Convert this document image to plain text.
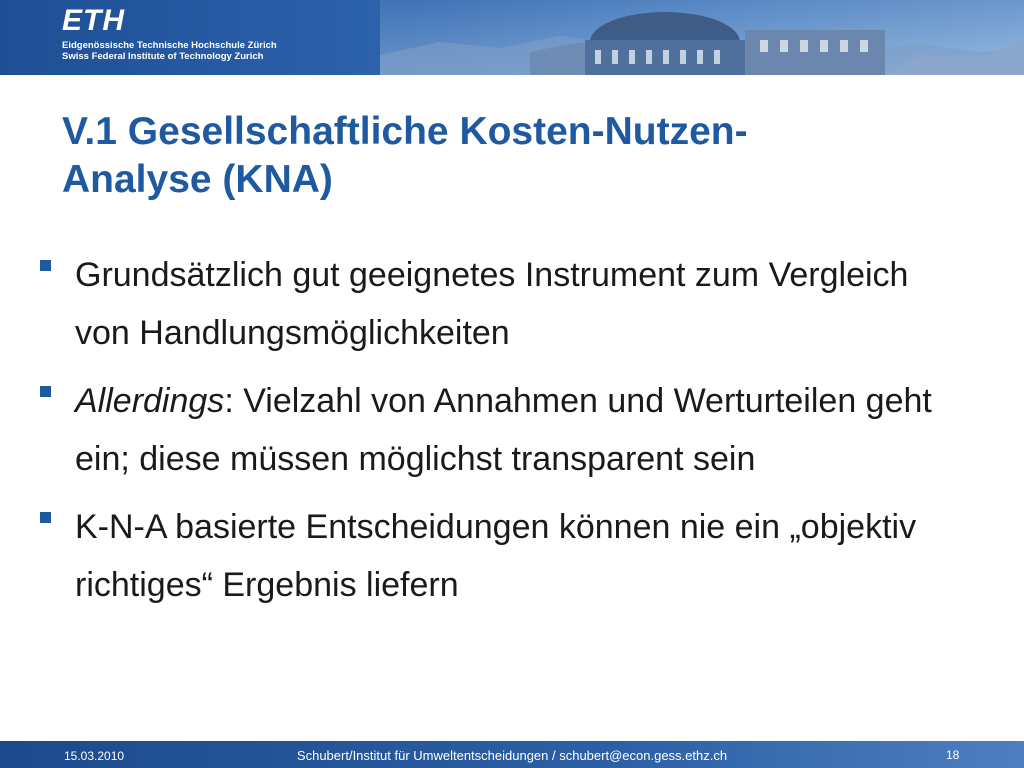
ETH
Eidgenössische Technische Hochschule Zürich
Swiss Federal Institute of Technology Zurich
V.1 Gesellschaftliche Kosten-Nutzen-
Analyse (KNA)
Grundsätzlich gut geeignetes Instrument zum Vergleich von Handlungsmöglichkeiten
Allerdings: Vielzahl von Annahmen und Werturteilen geht ein; diese müssen möglichst transparent sein
K-N-A basierte Entscheidungen können nie ein „objektiv richtiges“ Ergebnis liefern
15.03.2010	Schubert/Institut für Umweltentscheidungen / schubert@econ.gess.ethz.ch	18
